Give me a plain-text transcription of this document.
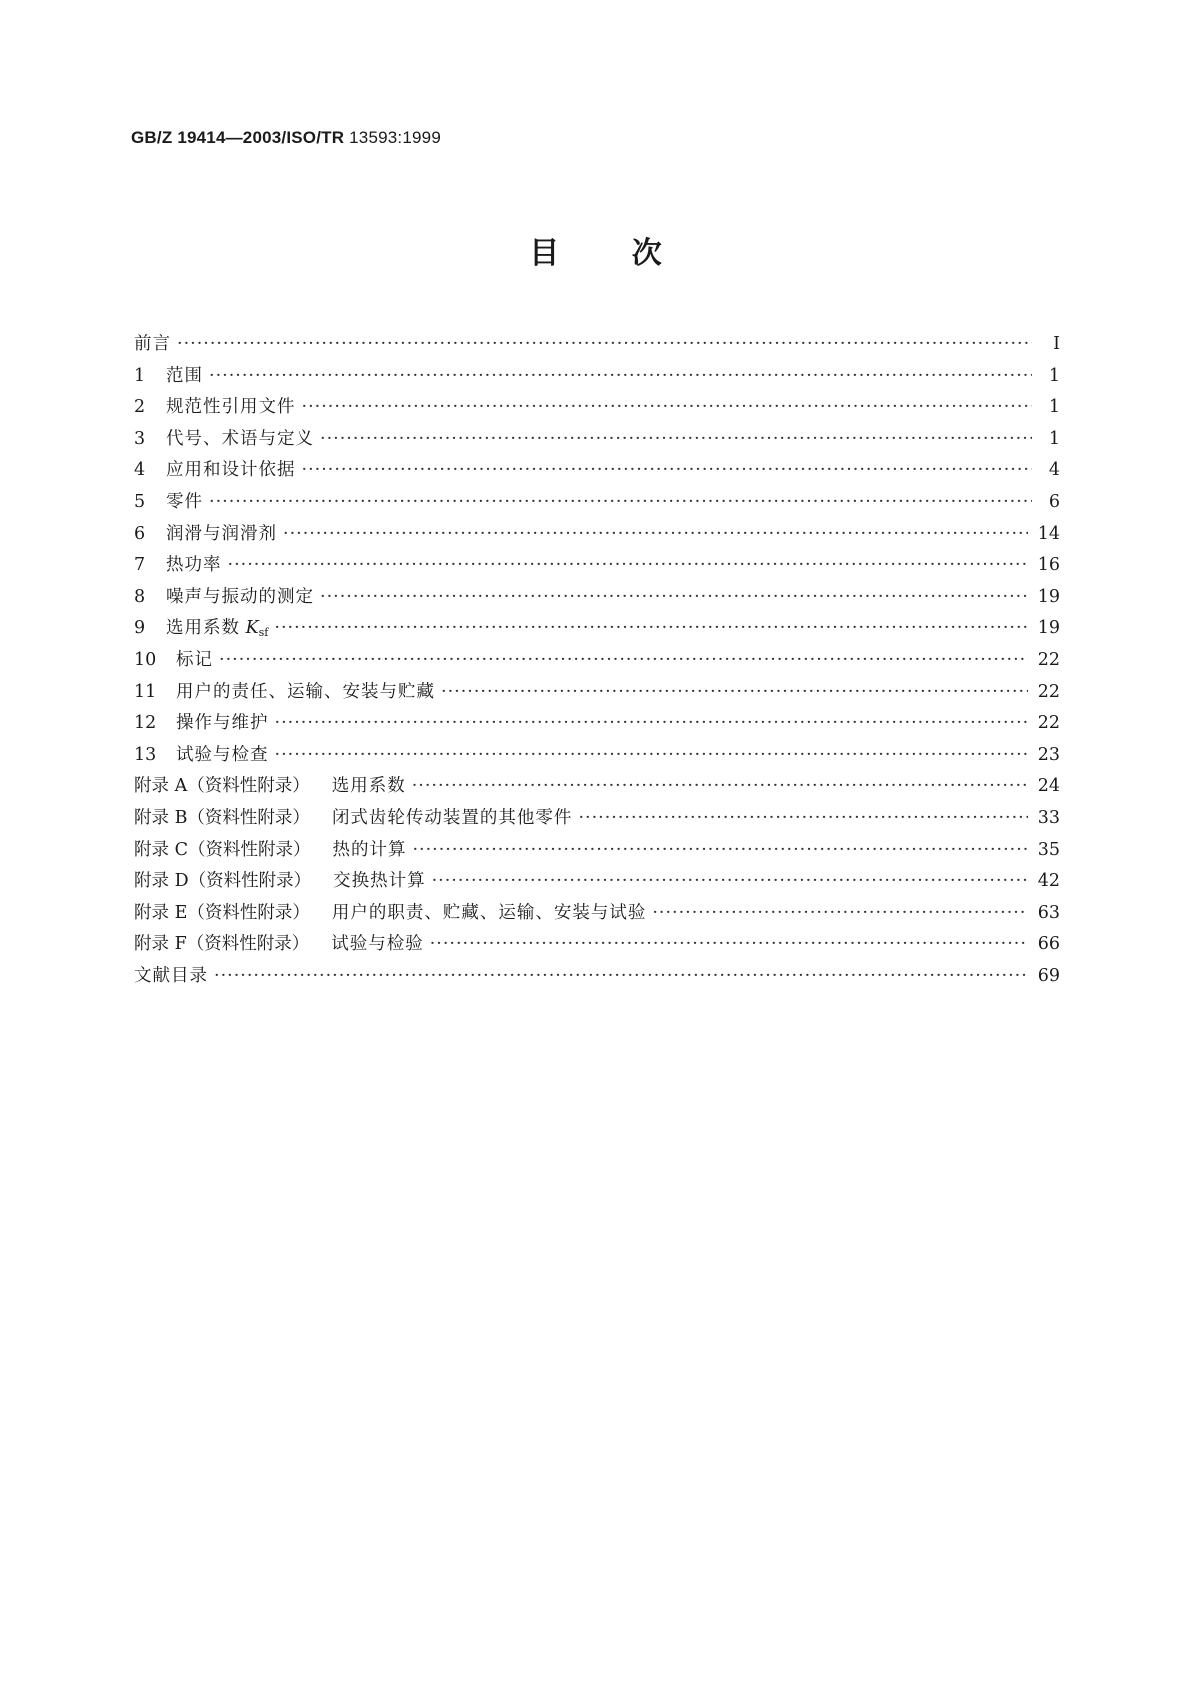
GB/Z 19414—2003/ISO/TR 13593:1999
目 次
前言 ·····	I
1	范围 ·····	1
2	规范性引用文件 ·····	1
3	代号、术语与定义 ·····	1
4	应用和设计依据 ·····	4
5	零件 ·····	6
6	润滑与润滑剂 ·····	14
7	热功率 ·····	16
8	噪声与振动的测定 ·····	19
9	选用系数 Ksf ·····	19
10	标记 ·····	22
11	用户的责任、运输、安装与贮藏 ·····	22
12	操作与维护 ·····	22
13	试验与检查 ·····	23
附录 A（资料性附录） 选用系数 ·····	24
附录 B（资料性附录） 闭式齿轮传动装置的其他零件 ·····	33
附录 C（资料性附录） 热的计算 ·····	35
附录 D（资料性附录） 交换热计算 ·····	42
附录 E（资料性附录） 用户的职责、贮藏、运输、安装与试验 ·····	63
附录 F（资料性附录） 试验与检验 ·····	66
文献目录 ·····	69
